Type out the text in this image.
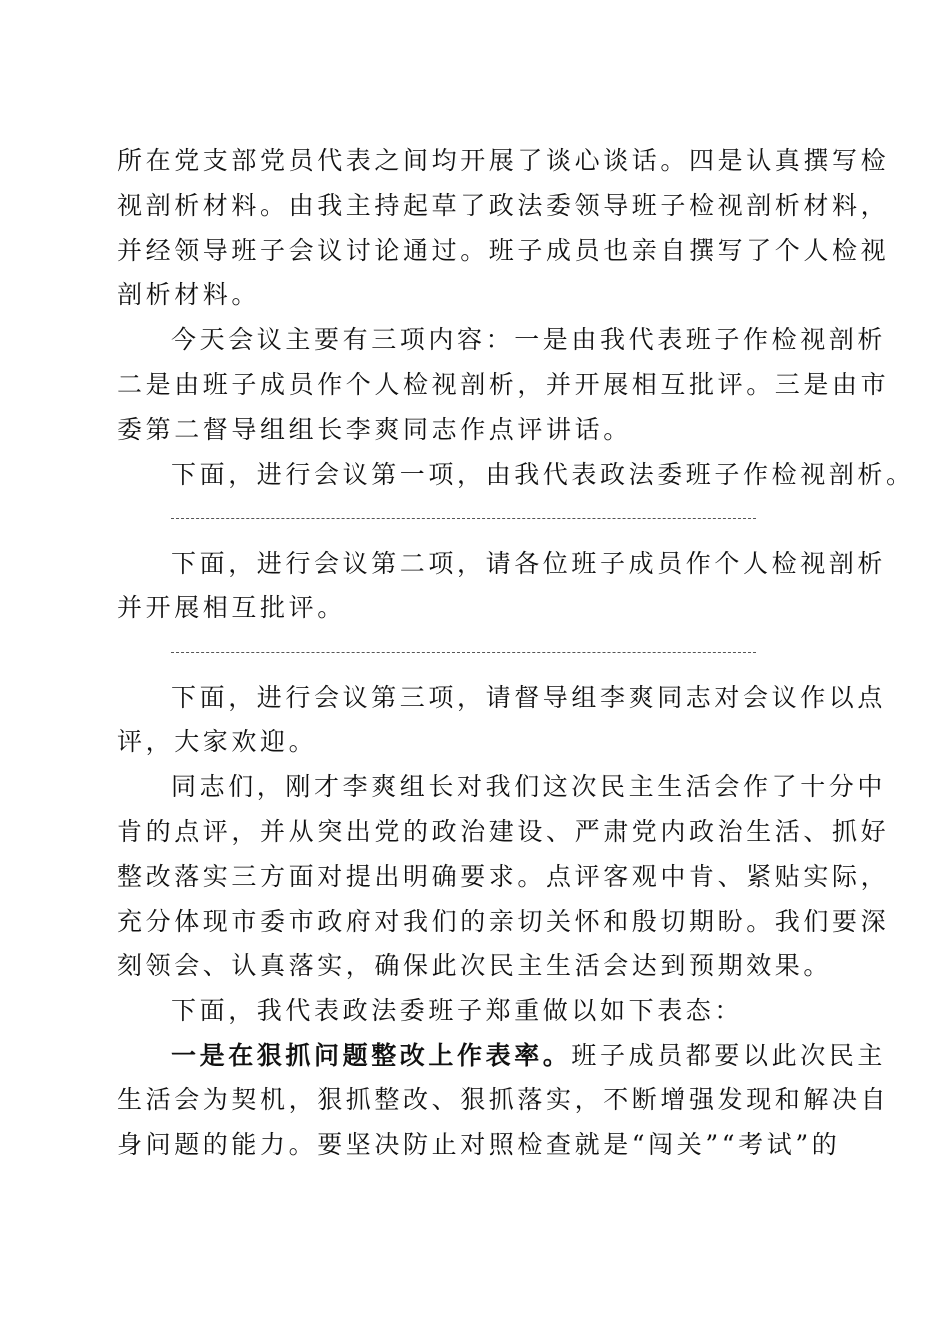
所在党支部党员代表之间均开展了谈心谈话。四是认真撰写检
视剖析材料。由我主持起草了政法委领导班子检视剖析材料，
并经领导班子会议讨论通过。班子成员也亲自撰写了个人检视
剖析材料。
今天会议主要有三项内容：一是由我代表班子作检视剖析
二是由班子成员作个人检视剖析，并开展相互批评。三是由市
委第二督导组组长李爽同志作点评讲话。
下面，进行会议第一项，由我代表政法委班子作检视剖析。
下面，进行会议第二项，请各位班子成员作个人检视剖析
并开展相互批评。
下面，进行会议第三项，请督导组李爽同志对会议作以点
评，大家欢迎。
同志们，刚才李爽组长对我们这次民主生活会作了十分中
肯的点评，并从突出党的政治建设、严肃党内政治生活、抓好
整改落实三方面对提出明确要求。点评客观中肯、紧贴实际，
充分体现市委市政府对我们的亲切关怀和殷切期盼。我们要深
刻领会、认真落实，确保此次民主生活会达到预期效果。
下面，我代表政法委班子郑重做以如下表态：
一是在狠抓问题整改上作表率。班子成员都要以此次民主
生活会为契机，狠抓整改、狠抓落实，不断增强发现和解决自
身问题的能力。要坚决防止对照检查就是“闯关”“考试”的
